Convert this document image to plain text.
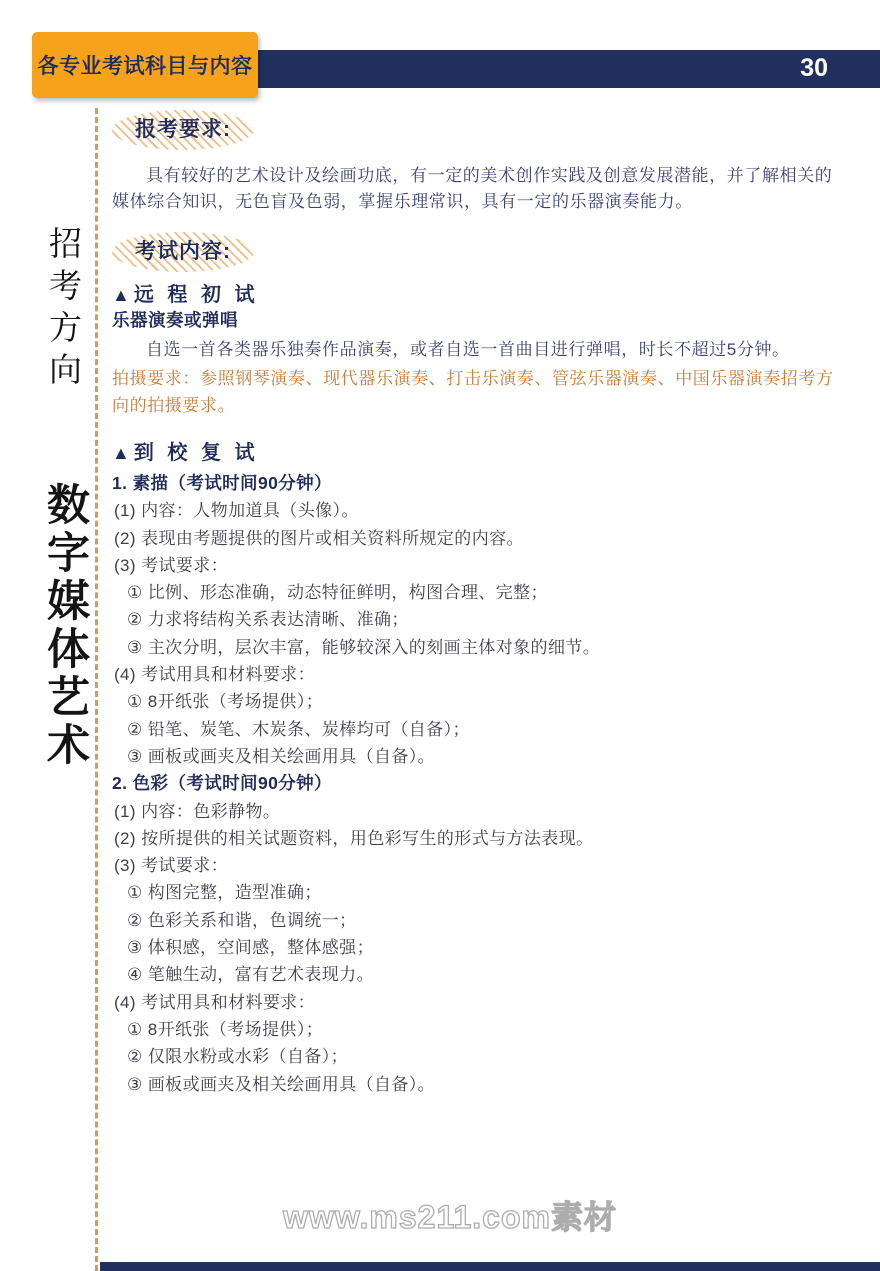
各专业考试科目与内容	30
招考方向
数字媒体艺术
报考要求:

具有较好的艺术设计及绘画功底，有一定的美术创作实践及创意发展潜能，并了解相关的媒体综合知识，无色盲及色弱，掌握乐理常识，具有一定的乐器演奏能力。

考试内容:
▲ 远 程 初 试
乐器演奏或弹唱

自选一首各类器乐独奏作品演奏，或者自选一首曲目进行弹唱，时长不超过5分钟。

拍摄要求：参照钢琴演奏、现代器乐演奏、打击乐演奏、管弦乐器演奏、中国乐器演奏招考方向的拍摄要求。

▲ 到 校 复 试
1. 素描（考试时间90分钟）
(1) 内容：人物加道具（头像）。
(2) 表现由考题提供的图片或相关资料所规定的内容。
(3) 考试要求：
① 比例、形态准确，动态特征鲜明，构图合理、完整；
② 力求将结构关系表达清晰、准确；
③ 主次分明，层次丰富，能够较深入的刻画主体对象的细节。
(4) 考试用具和材料要求：
① 8开纸张（考场提供）；
② 铅笔、炭笔、木炭条、炭棒均可（自备）；
③ 画板或画夹及相关绘画用具（自备）。
2. 色彩（考试时间90分钟）
(1) 内容：色彩静物。
(2) 按所提供的相关试题资料，用色彩写生的形式与方法表现。
(3) 考试要求：
① 构图完整，造型准确；
② 色彩关系和谐，色调统一；
③ 体积感，空间感，整体感强；
④ 笔触生动，富有艺术表现力。
(4) 考试用具和材料要求：
① 8开纸张（考场提供）；
② 仅限水粉或水彩（自备）；
③ 画板或画夹及相关绘画用具（自备）。
www.ms211.com素材
